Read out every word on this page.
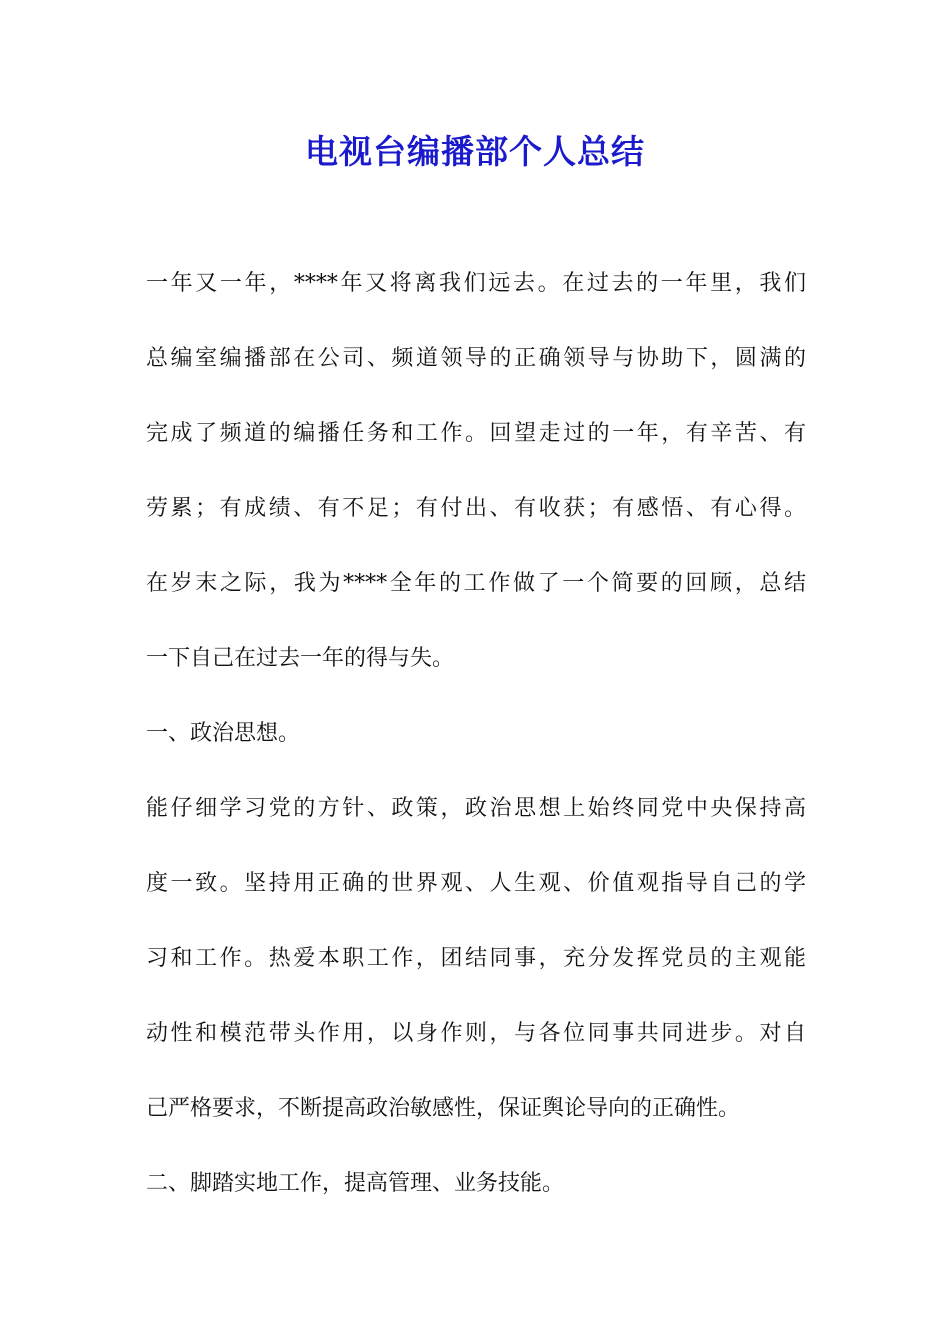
电视台编播部个人总结
一年又一年，****年又将离我们远去。在过去的一年里，我们
总编室编播部在公司、频道领导的正确领导与协助下，圆满的
完成了频道的编播任务和工作。回望走过的一年，有辛苦、有
劳累；有成绩、有不足；有付出、有收获；有感悟、有心得。
在岁末之际，我为****全年的工作做了一个简要的回顾，总结
一下自己在过去一年的得与失。
一、政治思想。
能仔细学习党的方针、政策，政治思想上始终同党中央保持高
度一致。坚持用正确的世界观、人生观、价值观指导自己的学
习和工作。热爱本职工作，团结同事，充分发挥党员的主观能
动性和模范带头作用，以身作则，与各位同事共同进步。对自
己严格要求，不断提高政治敏感性，保证舆论导向的正确性。
二、脚踏实地工作，提高管理、业务技能。
